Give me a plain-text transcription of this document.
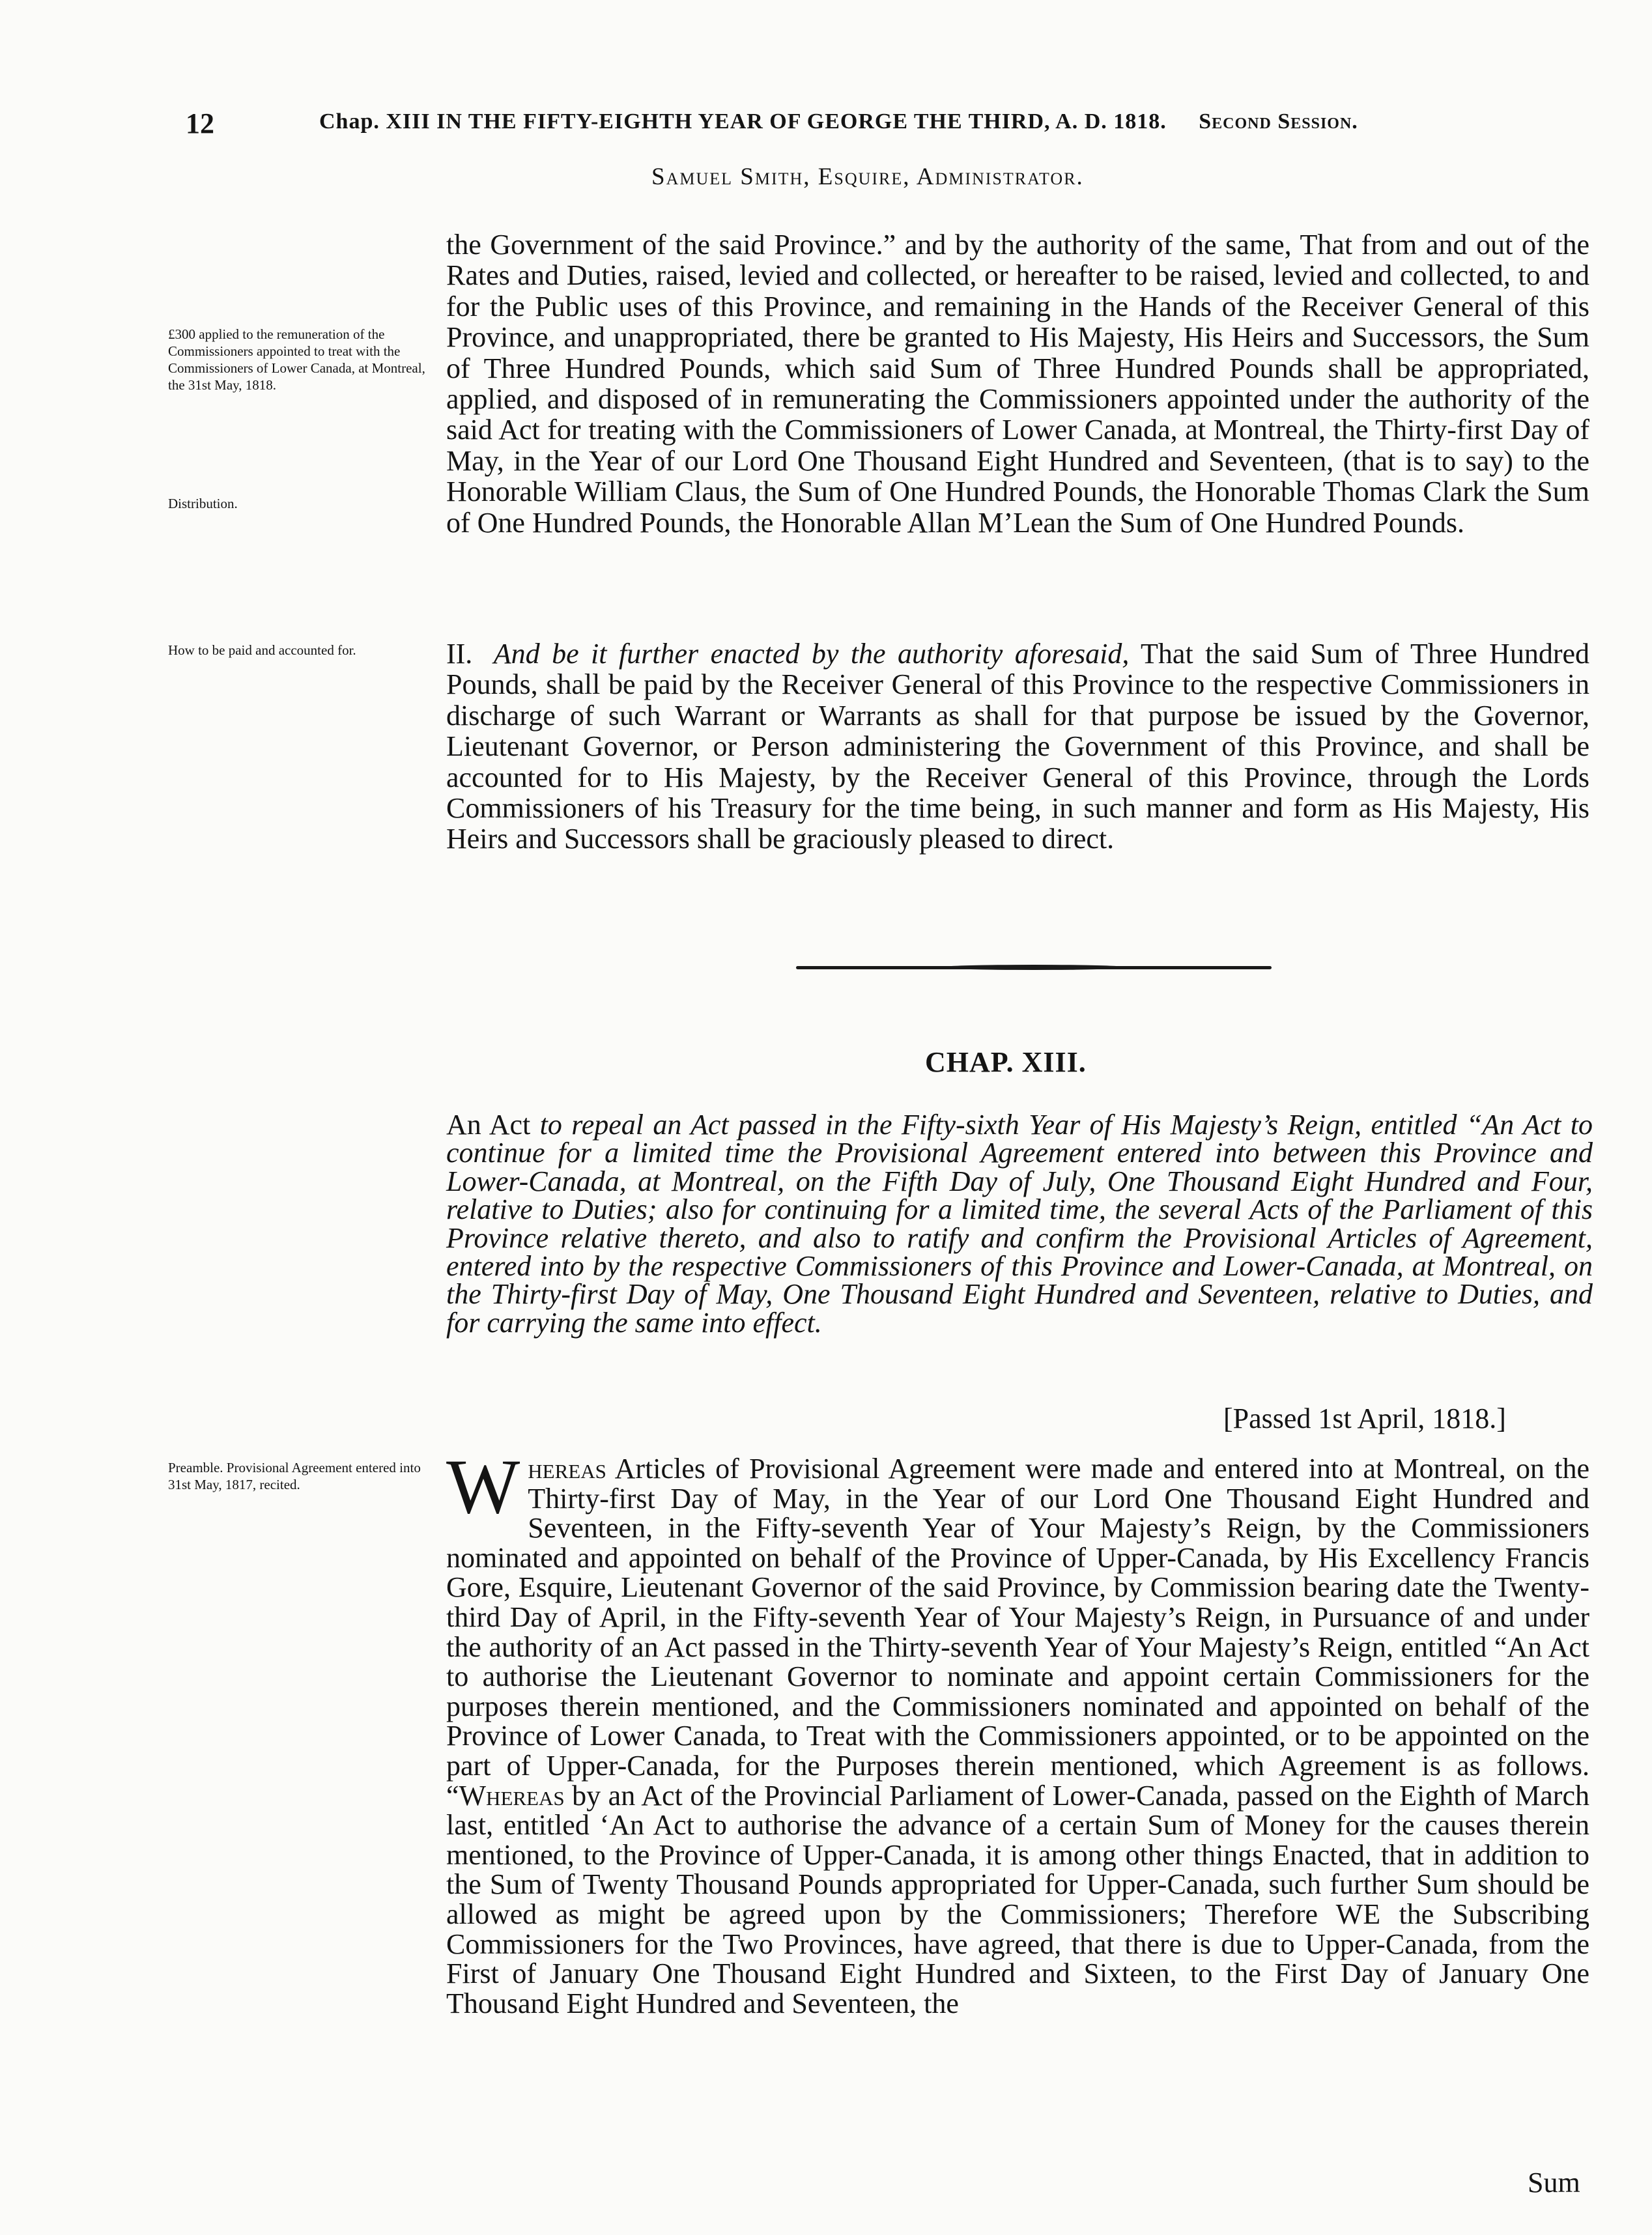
12	Chap. XIII IN THE FIFTY-EIGHTH YEAR OF GEORGE THE THIRD, A. D. 1818. Second Session.
Samuel Smith, Esquire, Administrator.
£300 applied to the remuneration of the Commissioners appointed to treat with the Commissioners of Lower Canada, at Montreal, the 31st May, 1818.
Distribution.
the Government of the said Province.” and by the authority of the same, That from and out of the Rates and Duties, raised, levied and collected, or hereafter to be raised, levied and collected, to and for the Public uses of this Province, and remaining in the Hands of the Receiver General of this Province, and unappropriated, there be granted to His Majesty, His Heirs and Successors, the Sum of Three Hundred Pounds, which said Sum of Three Hundred Pounds shall be appropriated, applied, and disposed of in remunerating the Commissioners appointed under the authority of the said Act for treating with the Commissioners of Lower Canada, at Montreal, the Thirty-first Day of May, in the Year of our Lord One Thousand Eight Hundred and Seventeen, (that is to say) to the Honorable William Claus, the Sum of One Hundred Pounds, the Honorable Thomas Clark the Sum of One Hundred Pounds, the Honorable Allan M’Lean the Sum of One Hundred Pounds.
How to be paid and accounted for.	II. And be it further enacted by the authority aforesaid, That the said Sum of Three Hundred Pounds, shall be paid by the Receiver General of this Province to the respective Commissioners in discharge of such Warrant or Warrants as shall for that purpose be issued by the Governor, Lieutenant Governor, or Person administering the Government of this Province, and shall be accounted for to His Majesty, by the Receiver General of this Province, through the Lords Commissioners of his Treasury for the time being, in such manner and form as His Majesty, His Heirs and Successors shall be graciously pleased to direct.
CHAP. XIII.
An Act to repeal an Act passed in the Fifty-sixth Year of His Majesty’s Reign, entitled “An Act to continue for a limited time the Provisional Agreement entered into between this Province and Lower-Canada, at Montreal, on the Fifth Day of July, One Thousand Eight Hundred and Four, relative to Duties; also for continuing for a limited time, the several Acts of the Parliament of this Province relative thereto, and also to ratify and confirm the Provisional Articles of Agreement, entered into by the respective Commissioners of this Province and Lower-Canada, at Montreal, on the Thirty-first Day of May, One Thousand Eight Hundred and Seventeen, relative to Duties, and for carrying the same into effect.
[Passed 1st April, 1818.]
Preamble. Provisional Agreement entered into 31st May, 1817, recited.	Whereas Articles of Provisional Agreement were made and entered into at Montreal, on the Thirty-first Day of May, in the Year of our Lord One Thousand Eight Hundred and Seventeen, in the Fifty-seventh Year of Your Majesty’s Reign, by the Commissioners nominated and appointed on behalf of the Province of Upper-Canada, by His Excellency Francis Gore, Esquire, Lieutenant Governor of the said Province, by Commission bearing date the Twenty-third Day of April, in the Fifty-seventh Year of Your Majesty’s Reign, in Pursuance of and under the authority of an Act passed in the Thirty-seventh Year of Your Majesty’s Reign, entitled “An Act to authorise the Lieutenant Governor to nominate and appoint certain Commissioners for the purposes therein mentioned, and the Commissioners nominated and appointed on behalf of the Province of Lower Canada, to Treat with the Commissioners appointed, or to be appointed on the part of Upper-Canada, for the Purposes therein mentioned, which Agreement is as follows. “Whereas by an Act of the Provincial Parliament of Lower-Canada, passed on the Eighth of March last, entitled ‘An Act to authorise the advance of a certain Sum of Money for the causes therein mentioned, to the Province of Upper-Canada, it is among other things Enacted, that in addition to the Sum of Twenty Thousand Pounds appropriated for Upper-Canada, such further Sum should be allowed as might be agreed upon by the Commissioners; Therefore WE the Subscribing Commissioners for the Two Provinces, have agreed, that there is due to Upper-Canada, from the First of January One Thousand Eight Hundred and Sixteen, to the First Day of January One Thousand Eight Hundred and Seventeen, the
Sum
